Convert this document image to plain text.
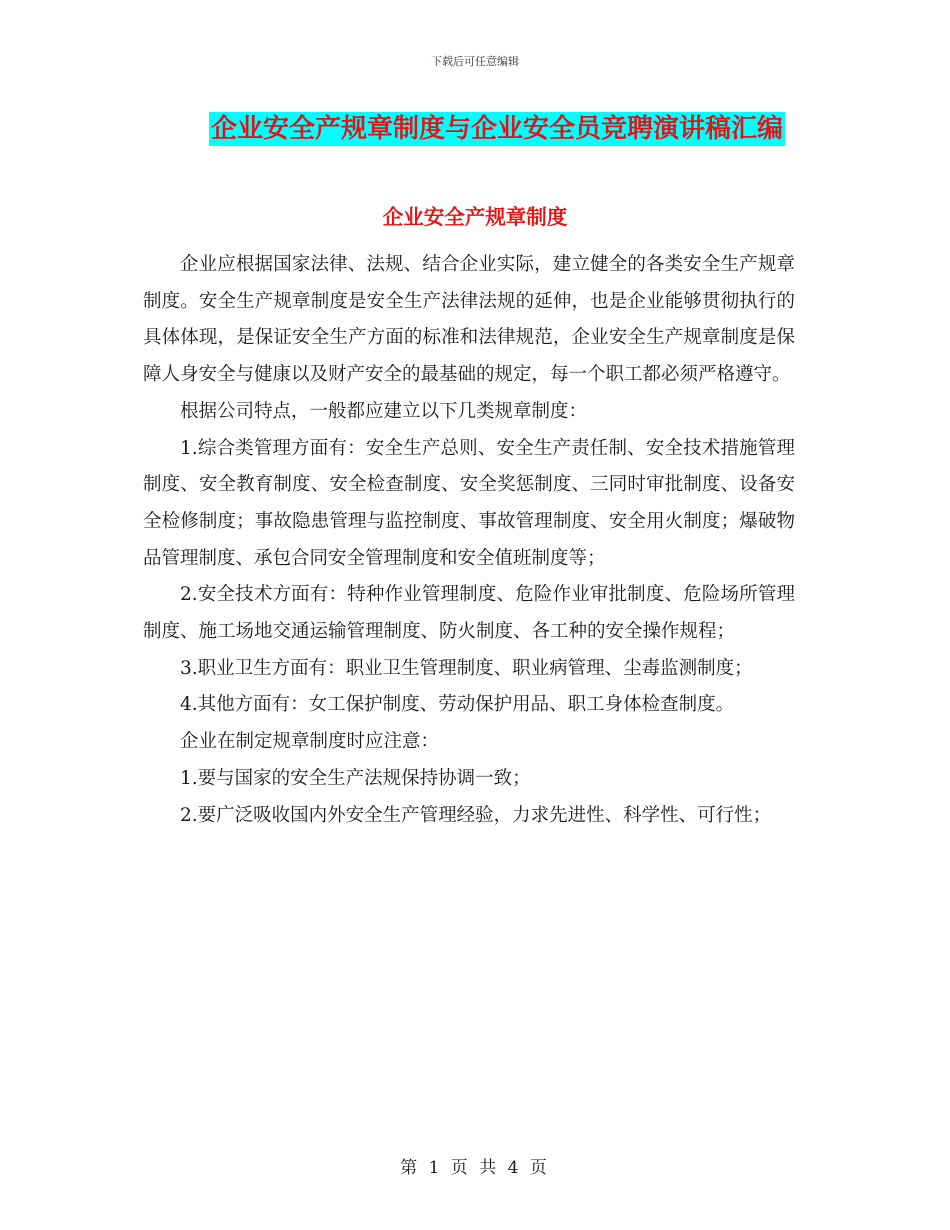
下载后可任意编辑
企业安全产规章制度与企业安全员竞聘演讲稿汇编
企业安全产规章制度

企业应根据国家法律、法规、结合企业实际，建立健全的各类安全生产规章制度。安全生产规章制度是安全生产法律法规的延伸，也是企业能够贯彻执行的具体体现，是保证安全生产方面的标准和法律规范，企业安全生产规章制度是保障人身安全与健康以及财产安全的最基础的规定，每一个职工都必须严格遵守。

根据公司特点，一般都应建立以下几类规章制度：

1.综合类管理方面有：安全生产总则、安全生产责任制、安全技术措施管理制度、安全教育制度、安全检查制度、安全奖惩制度、三同时审批制度、设备安全检修制度；事故隐患管理与监控制度、事故管理制度、安全用火制度；爆破物品管理制度、承包合同安全管理制度和安全值班制度等；

2.安全技术方面有：特种作业管理制度、危险作业审批制度、危险场所管理制度、施工场地交通运输管理制度、防火制度、各工种的安全操作规程；

3.职业卫生方面有：职业卫生管理制度、职业病管理、尘毒监测制度；

4.其他方面有：女工保护制度、劳动保护用品、职工身体检查制度。

企业在制定规章制度时应注意：

1.要与国家的安全生产法规保持协调一致；

2.要广泛吸收国内外安全生产管理经验，力求先进性、科学性、可行性；

第 1 页 共 4 页
